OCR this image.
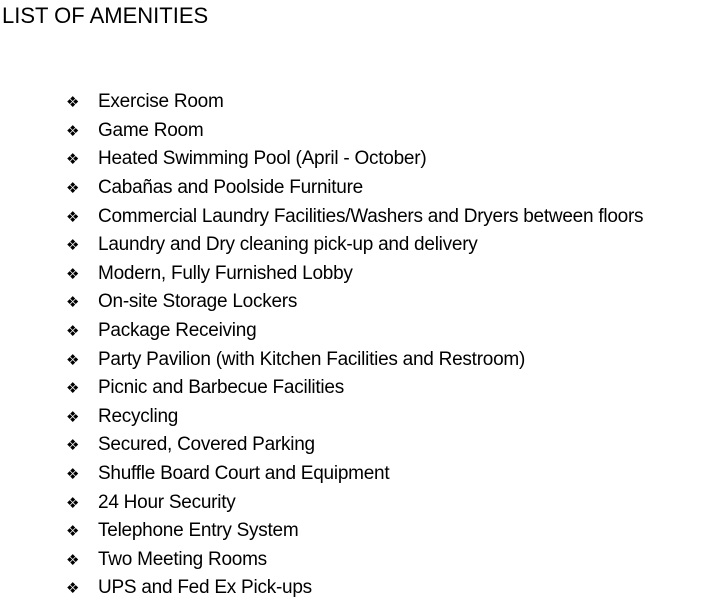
LIST OF AMENITIES
❖ Exercise Room
❖ Game Room
❖ Heated Swimming Pool (April - October)
❖ Cabañas and Poolside Furniture
❖ Commercial Laundry Facilities/Washers and Dryers between floors
❖ Laundry and Dry cleaning pick-up and delivery
❖ Modern, Fully Furnished Lobby
❖ On-site Storage Lockers
❖ Package Receiving
❖ Party Pavilion (with Kitchen Facilities and Restroom)
❖ Picnic and Barbecue Facilities
❖ Recycling
❖ Secured, Covered Parking
❖ Shuffle Board Court and Equipment
❖ 24 Hour Security
❖ Telephone Entry System
❖ Two Meeting Rooms
❖ UPS and Fed Ex Pick-ups
